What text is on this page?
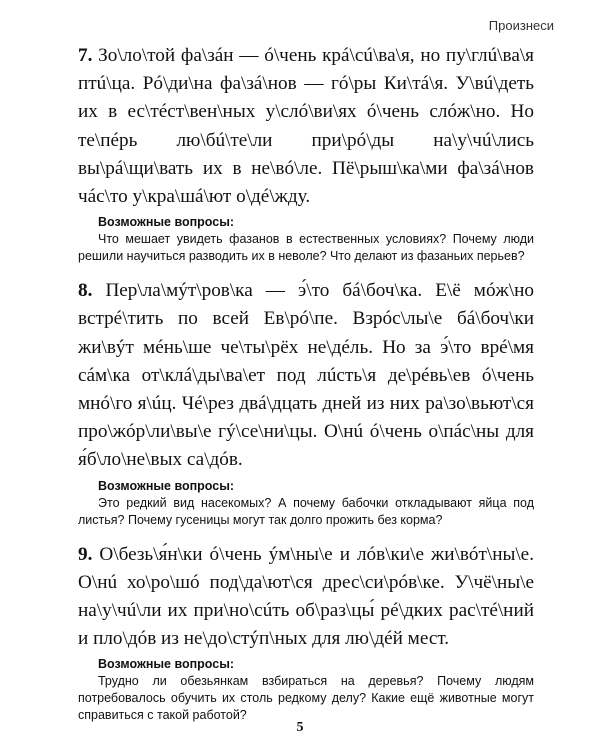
Произнеси

7. Зо\ло\той фа\зáн — ó\чень крá\сú\ва\я, но пу\глú\ва\я птú\ца. Рó\ди\на фа\зá\нов — гó\ры Ки\тá\я. У\вú\деть их в ес\тéст\вен\ных у\слó\ви\ях ó\чень слóж\но. Но те\пéрь лю\бú\те\ли при\рó\ды на\у\чú\лись вы\рá\щи\вать их в не\вó\ле. Пё\рыш\ка\ми фа\зá\нов чáс\то у\кра\шá\ют о\дé\жду.

Возможные вопросы:

Что мешает увидеть фазанов в естественных условиях? Почему люди решили научиться разводить их в неволе? Что делают из фазаньих перьев?

8. Пер\ла\мýт\ров\ка — э́\то бá\боч\ка. Е\ё мóж\но встрé\тить по всей Ев\рó\пе. Взрóс\лы\е бá\боч\ки жи\вýт мéнь\ше че\ты\рёх не\дéль. Но за э́\то врé\мя сáм\ка от\клá\ды\ва\ет под лúсть\я де\рéвь\ев ó\чень мнó\го я\úц. Чé\рез двá\дцать дней из них ра\зо\вьют\ся про\жóр\ли\вы\е гý\се\ни\цы. О\нú ó\чень о\пáс\ны для я́б\ло\не\вых са\дóв.

Возможные вопросы:

Это редкий вид насекомых? А почему бабочки откладывают яйца под листья? Почему гусеницы могут так долго прожить без корма?

9. О\безь\я́н\ки ó\чень ýм\ны\е и лóв\ки\е жи\вóт\ны\е. О\нú хо\ро\шó под\да\ют\ся дрес\си\рóв\ке. У\чё\ны\е на\у\чú\ли их при\но\сúть об\раз\цы́ рé\дких рас\тé\ний и пло\дóв из не\до\стýп\ных для лю\дéй мест.

Возможные вопросы:

Трудно ли обезьянкам взбираться на деревья? Почему людям потребовалось обучить их столь редкому делу? Какие ещё животные могут справиться с такой работой?

5
